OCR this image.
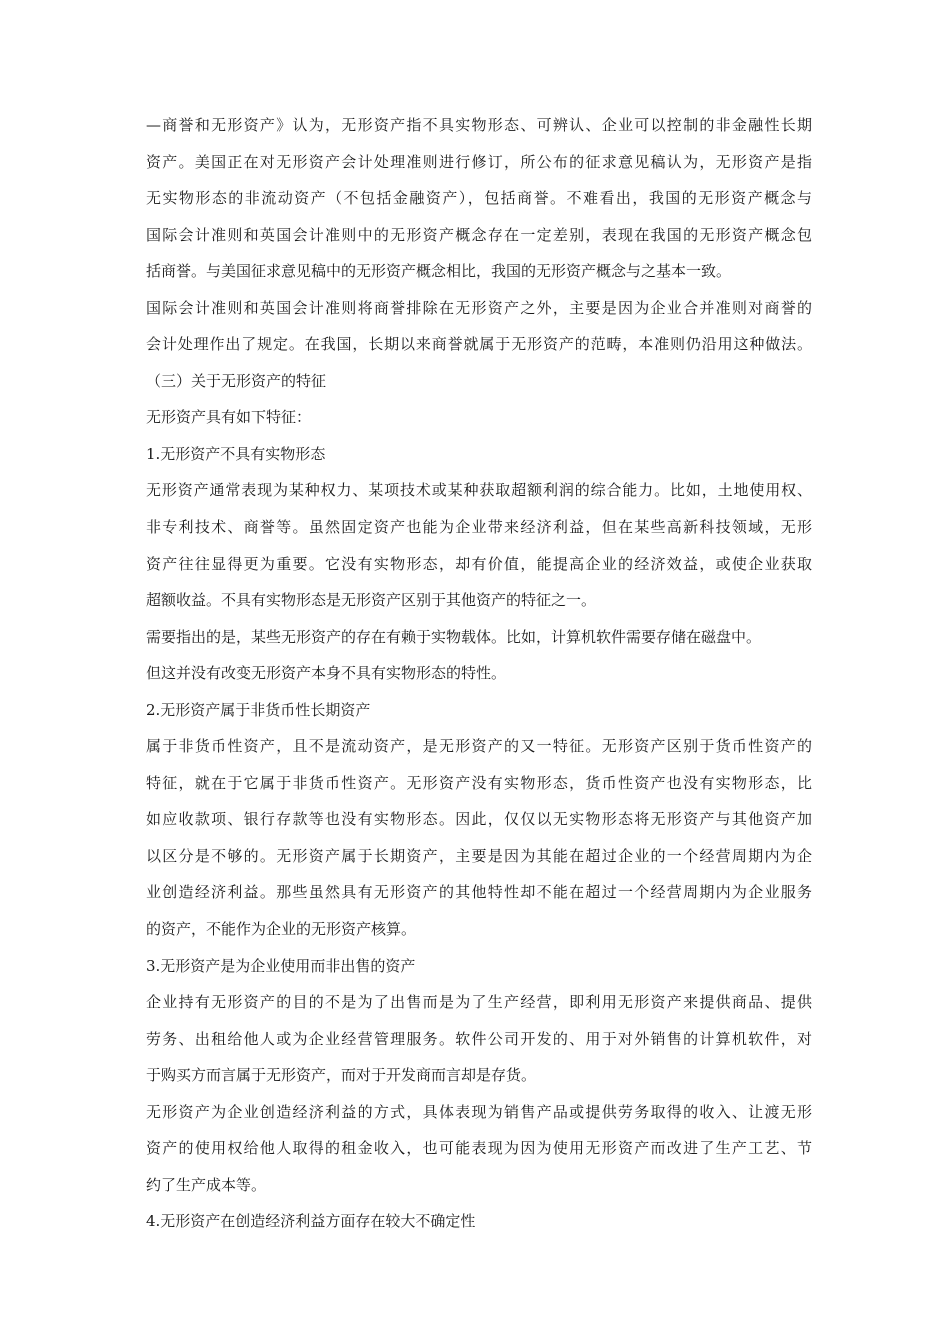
—商誉和无形资产》认为，无形资产指不具实物形态、可辨认、企业可以控制的非金融性长期
资产。美国正在对无形资产会计处理准则进行修订，所公布的征求意见稿认为，无形资产是指
无实物形态的非流动资产（不包括金融资产），包括商誉。不难看出，我国的无形资产概念与
国际会计准则和英国会计准则中的无形资产概念存在一定差别，表现在我国的无形资产概念包
括商誉。与美国征求意见稿中的无形资产概念相比，我国的无形资产概念与之基本一致。
国际会计准则和英国会计准则将商誉排除在无形资产之外，主要是因为企业合并准则对商誉的
会计处理作出了规定。在我国，长期以来商誉就属于无形资产的范畴，本准则仍沿用这种做法。
（三）关于无形资产的特征
无形资产具有如下特征：
1.无形资产不具有实物形态
无形资产通常表现为某种权力、某项技术或某种获取超额利润的综合能力。比如，土地使用权、
非专利技术、商誉等。虽然固定资产也能为企业带来经济利益，但在某些高新科技领域，无形
资产往往显得更为重要。它没有实物形态，却有价值，能提高企业的经济效益，或使企业获取
超额收益。不具有实物形态是无形资产区别于其他资产的特征之一。
需要指出的是，某些无形资产的存在有赖于实物载体。比如，计算机软件需要存储在磁盘中。
但这并没有改变无形资产本身不具有实物形态的特性。
2.无形资产属于非货币性长期资产
属于非货币性资产，且不是流动资产，是无形资产的又一特征。无形资产区别于货币性资产的
特征，就在于它属于非货币性资产。无形资产没有实物形态，货币性资产也没有实物形态，比
如应收款项、银行存款等也没有实物形态。因此，仅仅以无实物形态将无形资产与其他资产加
以区分是不够的。无形资产属于长期资产，主要是因为其能在超过企业的一个经营周期内为企
业创造经济利益。那些虽然具有无形资产的其他特性却不能在超过一个经营周期内为企业服务
的资产，不能作为企业的无形资产核算。
3.无形资产是为企业使用而非出售的资产
企业持有无形资产的目的不是为了出售而是为了生产经营，即利用无形资产来提供商品、提供
劳务、出租给他人或为企业经营管理服务。软件公司开发的、用于对外销售的计算机软件，对
于购买方而言属于无形资产，而对于开发商而言却是存货。
无形资产为企业创造经济利益的方式，具体表现为销售产品或提供劳务取得的收入、让渡无形
资产的使用权给他人取得的租金收入，也可能表现为因为使用无形资产而改进了生产工艺、节
约了生产成本等。
4.无形资产在创造经济利益方面存在较大不确定性
